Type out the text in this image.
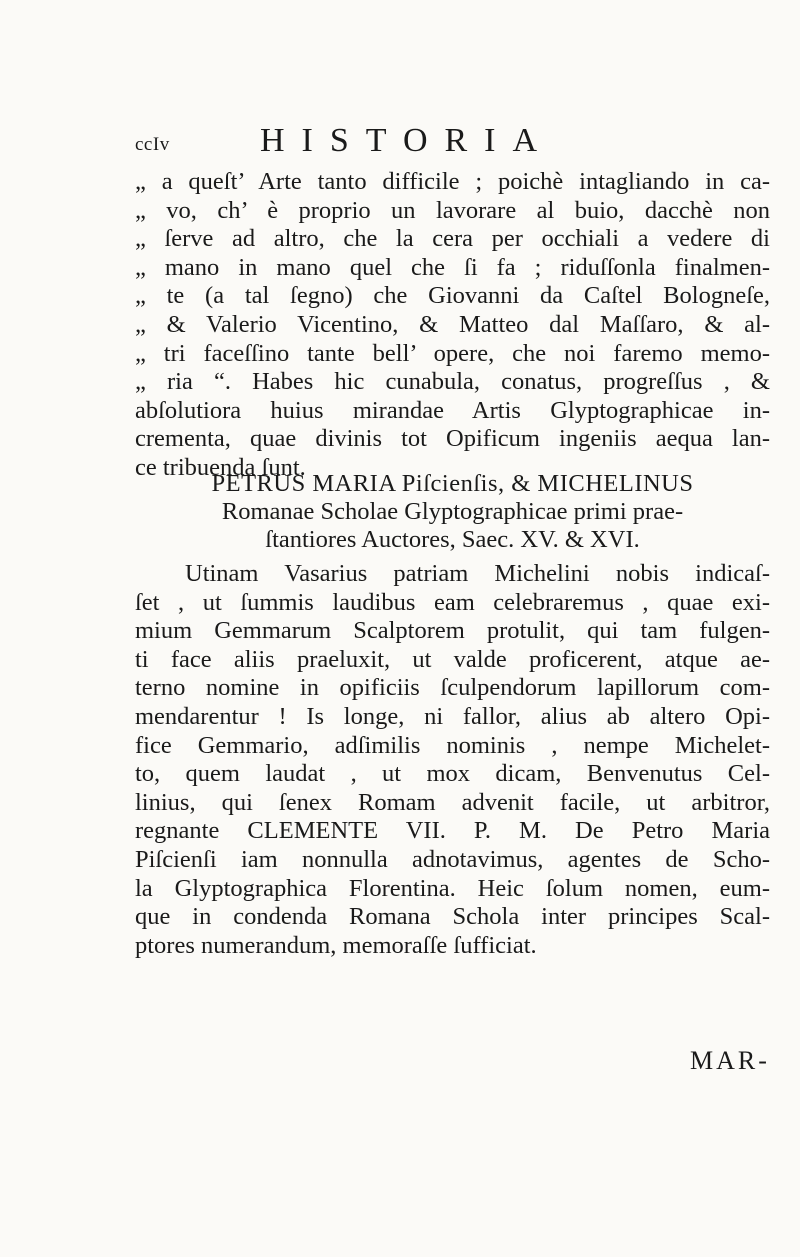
ccIv	HISTORIA
„ a queſt’ Arte tanto difficile ; poichè intagliando in ca-
„ vo, ch’ è proprio un lavorare al buio, dacchè non
„ ſerve ad altro, che la cera per occhiali a vedere di
„ mano in mano quel che ſi fa ; riduſſonla finalmen-
„ te (a tal ſegno) che Giovanni da Caſtel Bologneſe,
„ & Valerio Vicentino, & Matteo dal Maſſaro, & al-
„ tri faceſſino tante bell’ opere, che noi faremo memo-
„ ria “. Habes hic cunabula, conatus, progreſſus , &
abſolutiora huius mirandae Artis Glyptographicae in-
crementa, quae divinis tot Opificum ingeniis aequa lan-
ce tribuenda ſunt.
PETRUS MARIA Piſcienſis, & MICHELINUS
Romanae Scholae Glyptographicae primi prae-
ſtantiores Auctores, Saec. XV. & XVI.
Utinam Vasarius patriam Michelini nobis indicaſ-
ſet , ut ſummis laudibus eam celebraremus , quae exi-
mium Gemmarum Scalptorem protulit, qui tam fulgen-
ti face aliis praeluxit, ut valde proficerent, atque ae-
terno nomine in opificiis ſculpendorum lapillorum com-
mendarentur ! Is longe, ni fallor, alius ab altero Opi-
fice Gemmario, adſimilis nominis , nempe Michelet-
to, quem laudat , ut mox dicam, Benvenutus Cel-
linius, qui ſenex Romam advenit facile, ut arbitror,
regnante CLEMENTE VII. P. M. De Petro Maria
Piſcienſi iam nonnulla adnotavimus, agentes de Scho-
la Glyptographica Florentina. Heic ſolum nomen, eum-
que in condenda Romana Schola inter principes Scal-
ptores numerandum, memoraſſe ſufficiat.
MAR-
